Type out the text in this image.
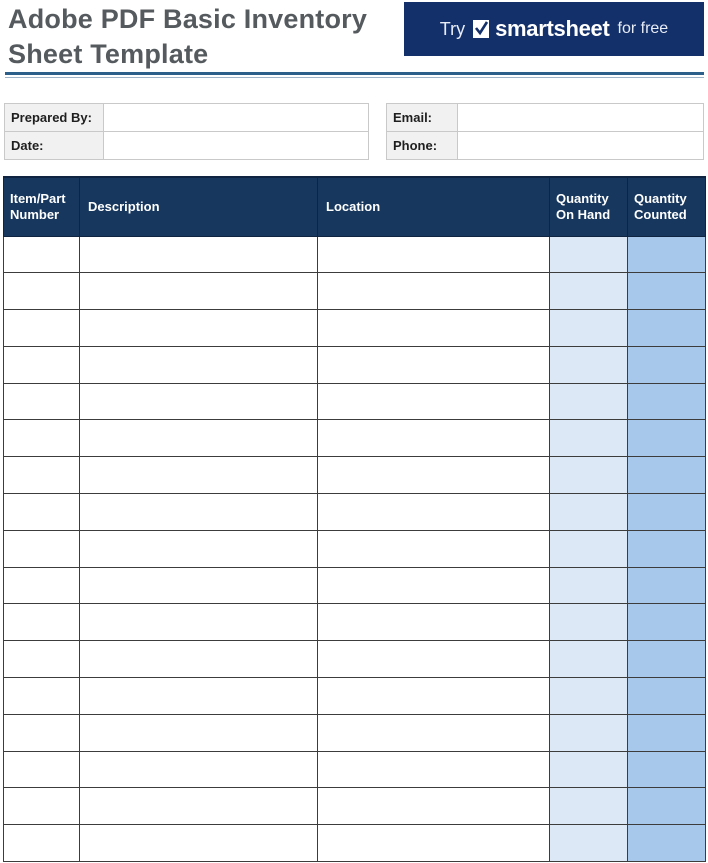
Adobe PDF Basic Inventory Sheet Template
Try smartsheet for free
Prepared By:	
Date:	
Email:	
Phone:	
Item/Part Number	Description	Location	Quantity On Hand	Quantity Counted
